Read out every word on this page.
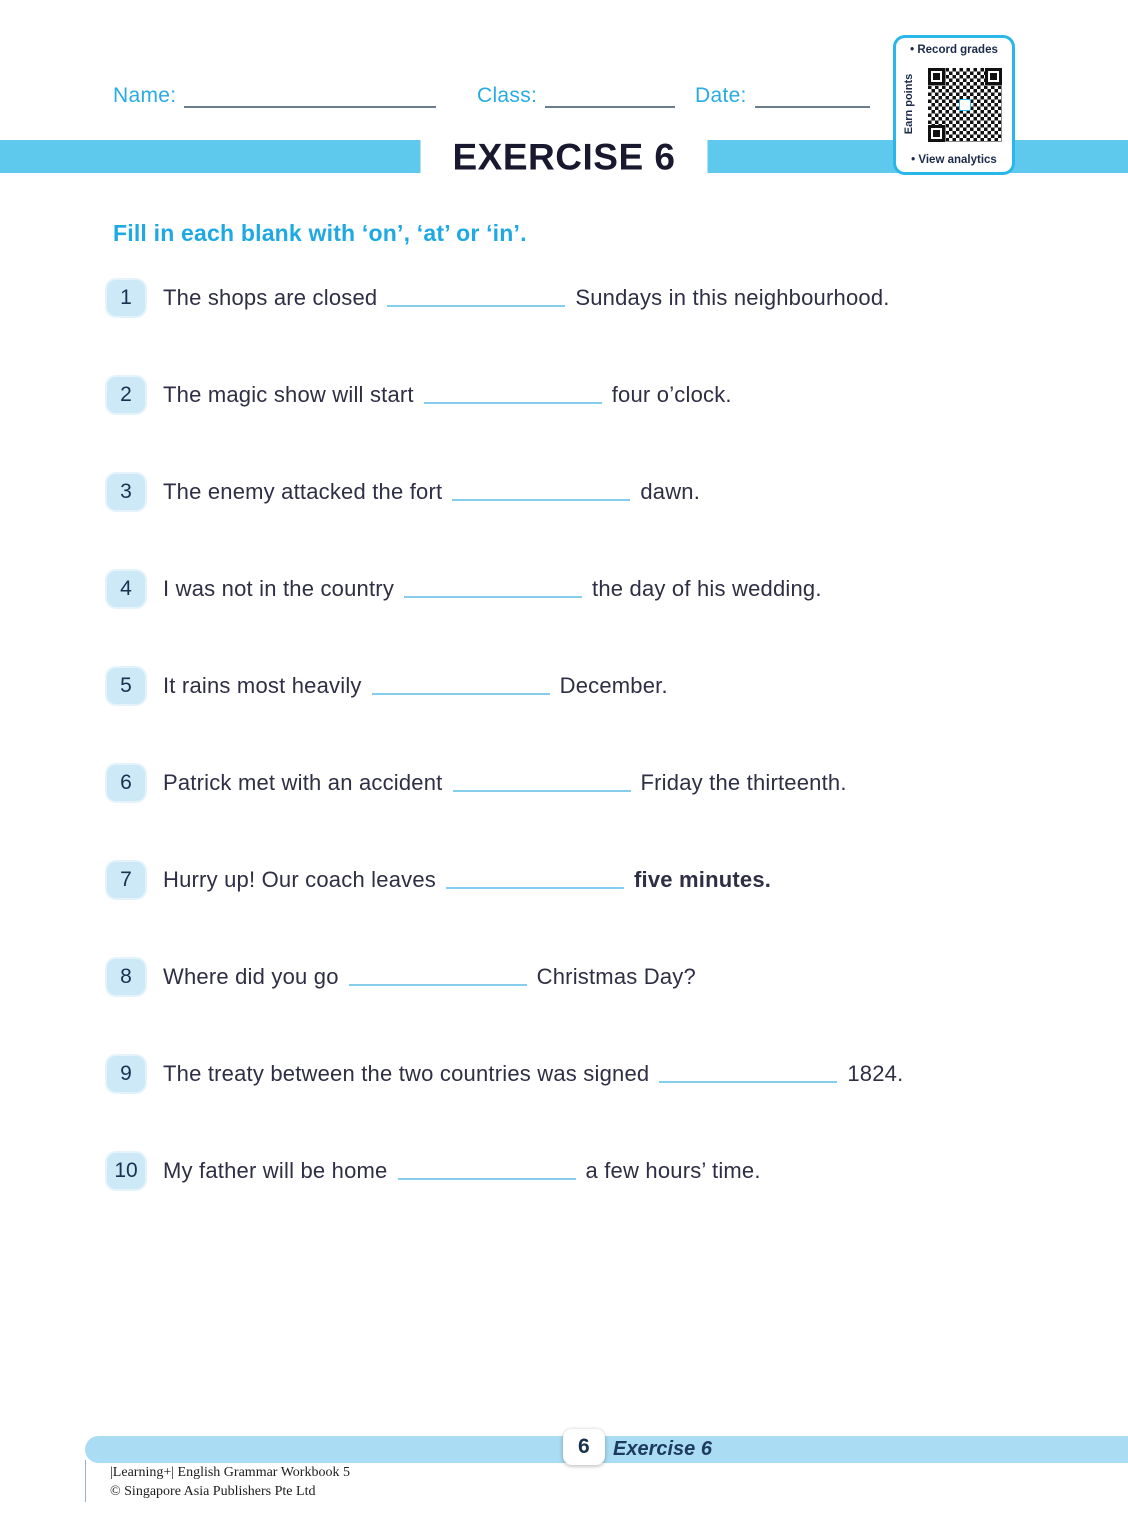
Name:	Class:	Date:
EXERCISE 6
• Record grades
Earn points
• View analytics
Fill in each blank with ‘on’, ‘at’ or ‘in’.
1	The shops are closed	Sundays in this neighbourhood.

2	The magic show will start	four o’clock.

3	The enemy attacked the fort	dawn.

4	I was not in the country	the day of his wedding.

5	It rains most heavily	December.

6	Patrick met with an accident	Friday the thirteenth.

7	Hurry up! Our coach leaves	five minutes.

8	Where did you go	Christmas Day?

9	The treaty between the two countries was signed	1824.

10	My father will be home	a few hours’ time.

6	Exercise 6
|Learning+| English Grammar Workbook 5
© Singapore Asia Publishers Pte Ltd
